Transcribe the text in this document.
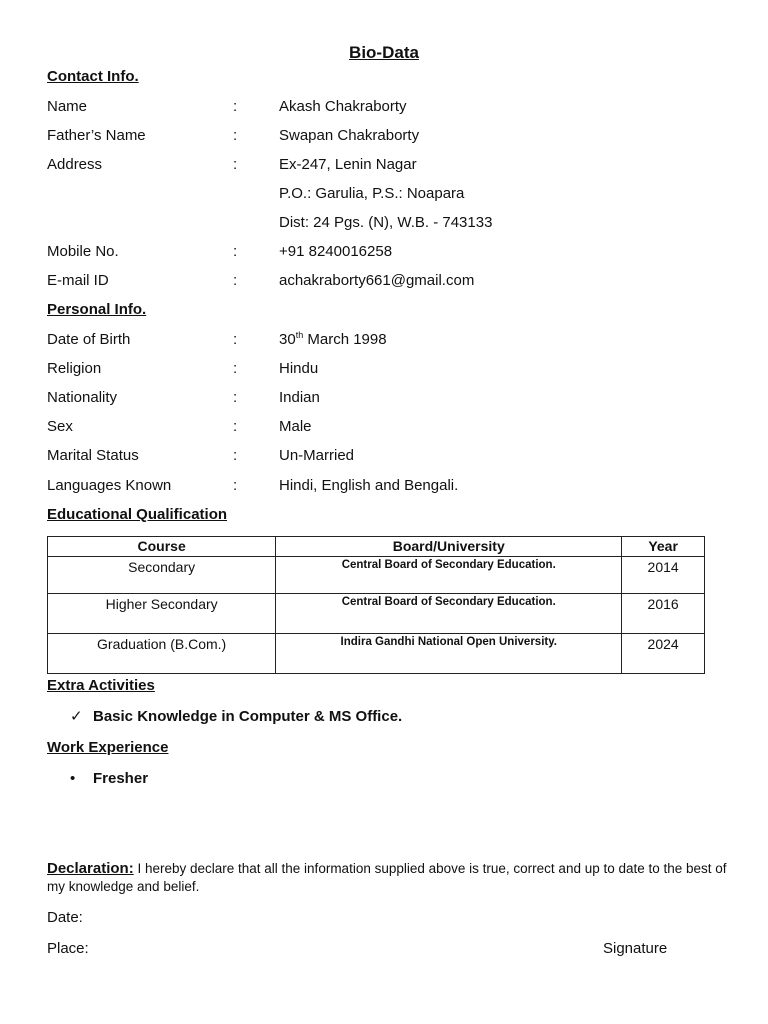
Bio-Data
Contact Info.
Name	:	Akash Chakraborty
Father’s Name	:	Swapan Chakraborty
Address	:	Ex-247, Lenin Nagar
P.O.: Garulia, P.S.: Noapara
Dist: 24 Pgs. (N), W.B. - 743133
Mobile No.	:	+91 8240016258
E-mail ID	:	achakraborty661@gmail.com
Personal Info.
Date of Birth	:	30th March 1998
Religion	:	Hindu
Nationality	:	Indian
Sex	:	Male
Marital Status	:	Un-Married
Languages Known	:	Hindi, English and Bengali.
Educational Qualification
Course	Board/University	Year
Secondary	Central Board of Secondary Education.	2014
Higher Secondary	Central Board of Secondary Education.	2016
Graduation (B.Com.)	Indira Gandhi National Open University.	2024
Extra Activities
✓ Basic Knowledge in Computer & MS Office.
Work Experience
• Fresher
Declaration: I hereby declare that all the information supplied above is true, correct and up to date to the best of my knowledge and belief.
Date:
Place:	Signature
